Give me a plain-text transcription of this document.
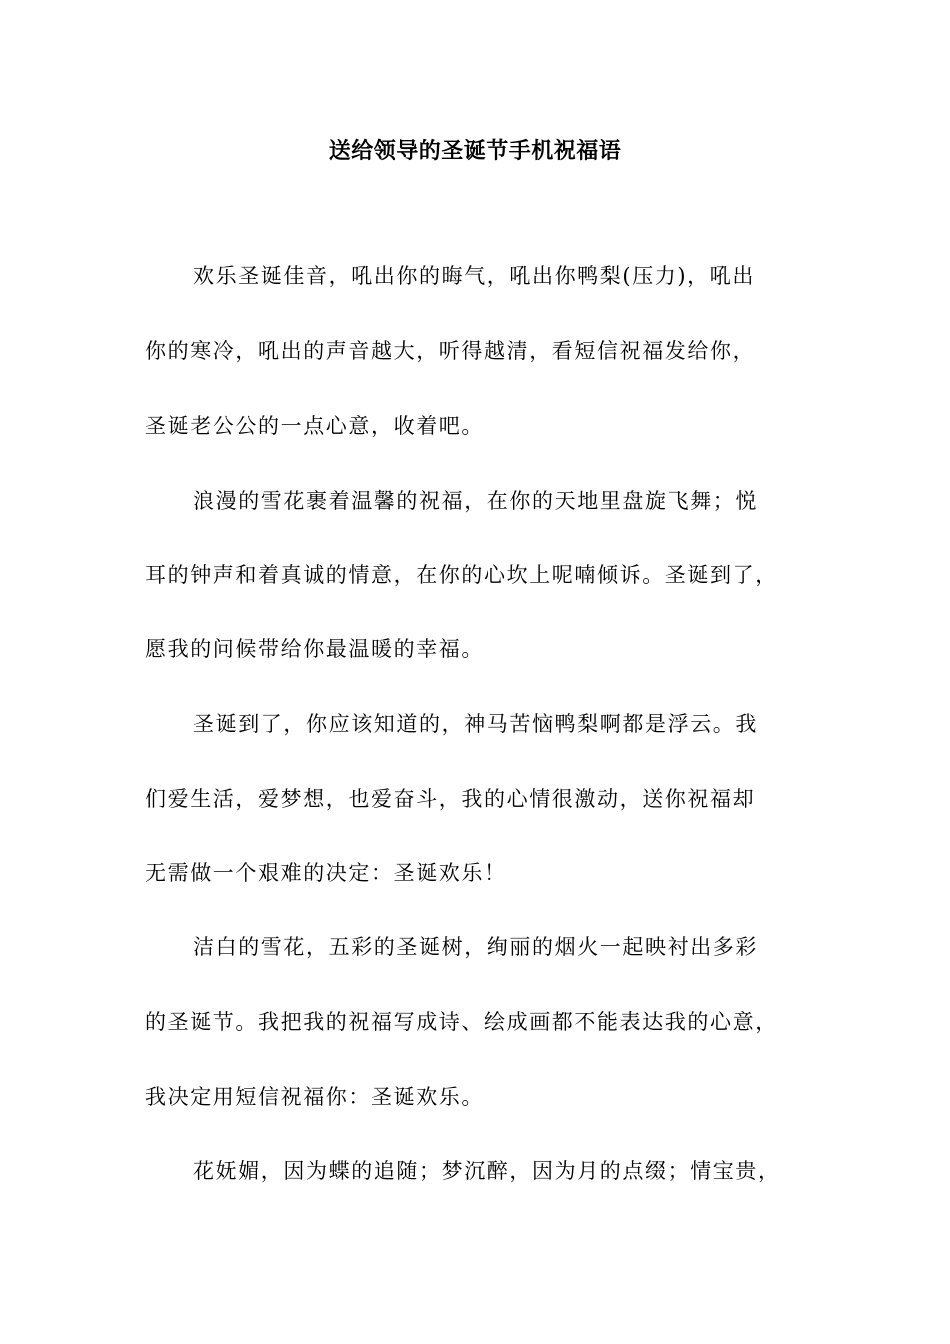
送给领导的圣诞节手机祝福语
欢乐圣诞佳音，吼出你的晦气，吼出你鸭梨(压力)，吼出
你的寒冷，吼出的声音越大，听得越清，看短信祝福发给你，
圣诞老公公的一点心意，收着吧。
浪漫的雪花裹着温馨的祝福，在你的天地里盘旋飞舞；悦
耳的钟声和着真诚的情意，在你的心坎上呢喃倾诉。圣诞到了，
愿我的问候带给你最温暖的幸福。
圣诞到了，你应该知道的，神马苦恼鸭梨啊都是浮云。我
们爱生活，爱梦想，也爱奋斗，我的心情很激动，送你祝福却
无需做一个艰难的决定：圣诞欢乐！
洁白的雪花，五彩的圣诞树，绚丽的烟火一起映衬出多彩
的圣诞节。我把我的祝福写成诗、绘成画都不能表达我的心意，
我决定用短信祝福你：圣诞欢乐。
花妩媚，因为蝶的追随；梦沉醉，因为月的点缀；情宝贵，
